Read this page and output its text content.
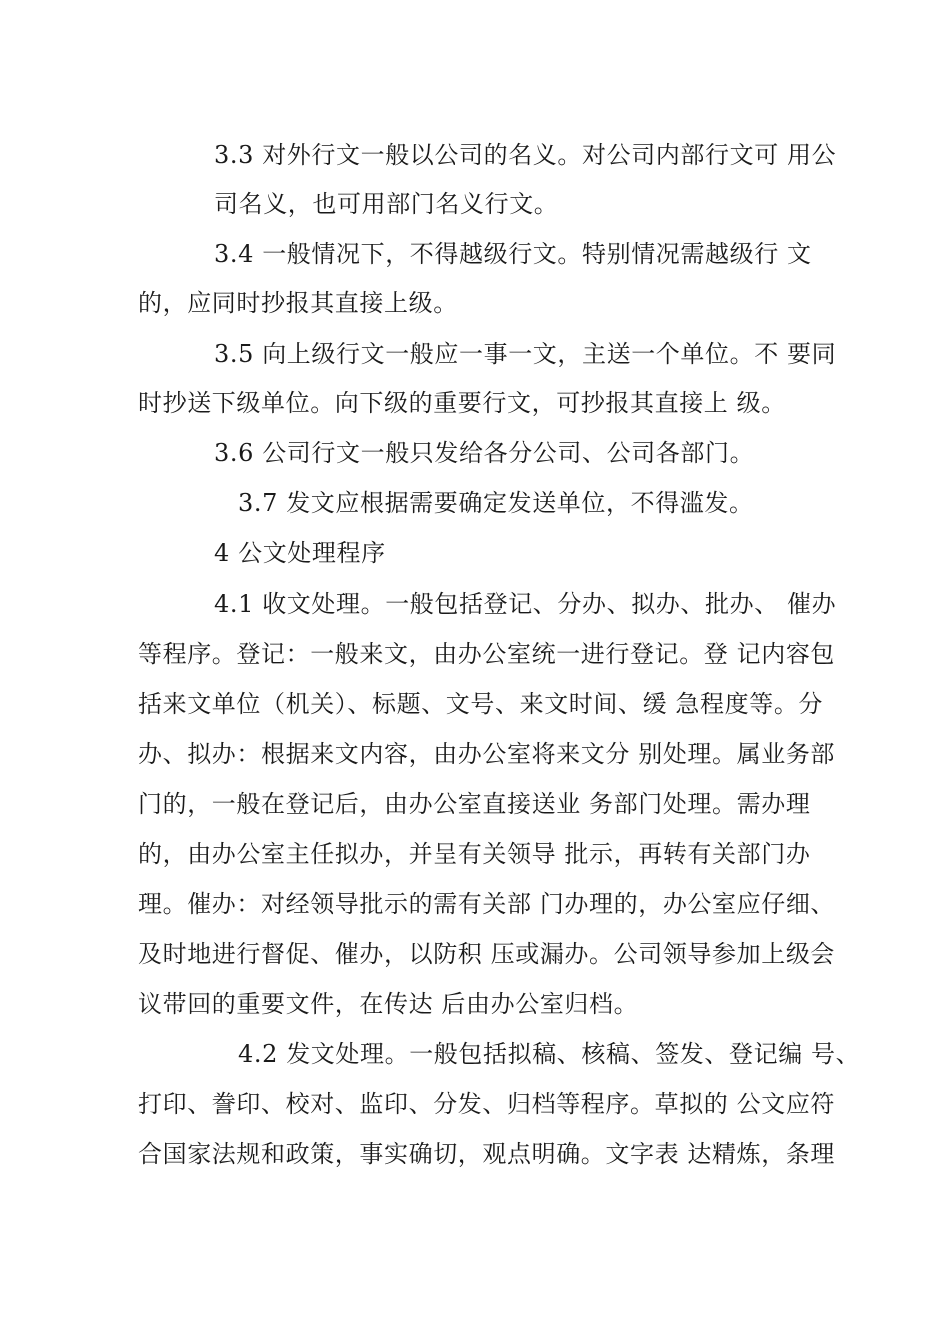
3.3 对外行文一般以公司的名义。对公司内部行文可 用公
司名义，也可用部门名义行文。
3.4 一般情况下，不得越级行文。特别情况需越级行 文
的，应同时抄报其直接上级。
3.5 向上级行文一般应一事一文，主送一个单位。不 要同
时抄送下级单位。向下级的重要行文，可抄报其直接上 级。
3.6 公司行文一般只发给各分公司、公司各部门。
3.7 发文应根据需要确定发送单位，不得滥发。
4 公文处理程序
4.1 收文处理。一般包括登记、分办、拟办、批办、 催办
等程序。登记：一般来文，由办公室统一进行登记。登 记内容包
括来文单位（机关）、标题、文号、来文时间、缓 急程度等。分
办、拟办：根据来文内容，由办公室将来文分 别处理。属业务部
门的，一般在登记后，由办公室直接送业 务部门处理。需办理
的，由办公室主任拟办，并呈有关领导 批示，再转有关部门办
理。催办：对经领导批示的需有关部 门办理的，办公室应仔细、
及时地进行督促、催办，以防积 压或漏办。公司领导参加上级会
议带回的重要文件，在传达 后由办公室归档。
4.2 发文处理。一般包括拟稿、核稿、签发、登记编 号、
打印、誊印、校对、监印、分发、归档等程序。草拟的 公文应符
合国家法规和政策，事实确切，观点明确。文字表 达精炼，条理
